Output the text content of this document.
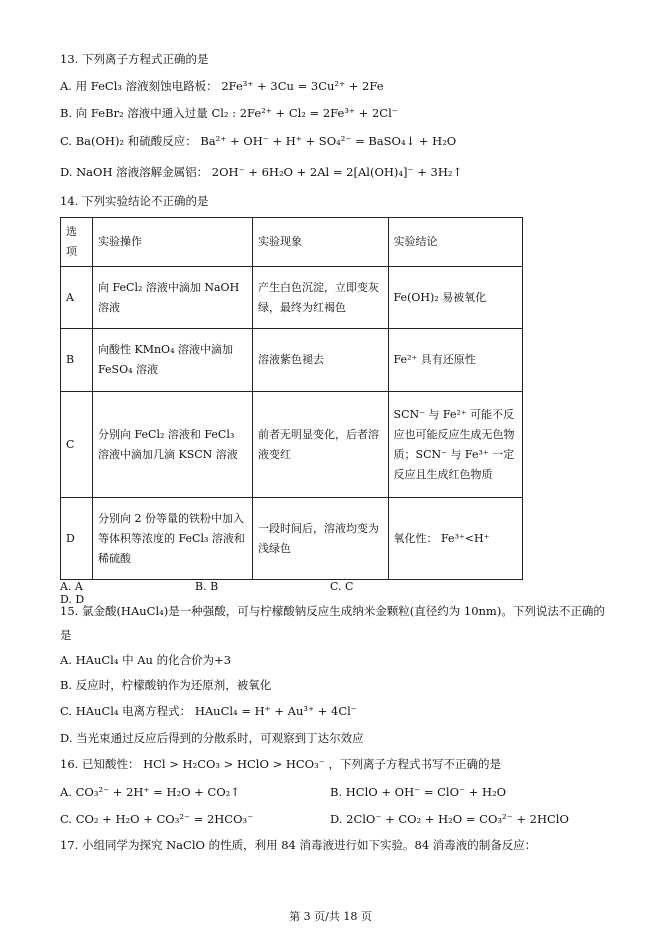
13. 下列离子方程式正确的是
A. 用 FeCl₃ 溶液刻蚀电路板： 2Fe³⁺ + 3Cu = 3Cu²⁺ + 2Fe
B. 向 FeBr₂ 溶液中通入过量 Cl₂ : 2Fe²⁺ + Cl₂ = 2Fe³⁺ + 2Cl⁻
C. Ba(OH)₂ 和硫酸反应： Ba²⁺ + OH⁻ + H⁺ + SO₄²⁻ = BaSO₄↓ + H₂O
D. NaOH 溶液溶解金属铝： 2OH⁻ + 6H₂O + 2Al = 2[Al(OH)₄]⁻ + 3H₂↑
14. 下列实验结论不正确的是
选项	实验操作	实验现象	实验结论
A	向 FeCl₂ 溶液中滴加 NaOH 溶液	产生白色沉淀，立即变灰绿，最终为红褐色	Fe(OH)₂ 易被氧化
B	向酸性 KMnO₄ 溶液中滴加 FeSO₄ 溶液	溶液紫色褪去	Fe²⁺ 具有还原性
C	分别向 FeCl₂ 溶液和 FeCl₃ 溶液中滴加几滴 KSCN 溶液	前者无明显变化，后者溶液变红	SCN⁻ 与 Fe²⁺ 可能不反应也可能反应生成无色物质；SCN⁻ 与 Fe³⁺ 一定反应且生成红色物质
D	分别向 2 份等量的铁粉中加入等体积等浓度的 FeCl₃ 溶液和稀硫酸	一段时间后，溶液均变为浅绿色	氧化性： Fe³⁺<H⁺
A. A	B. B	C. CD. D
15. 氯金酸(HAuCl₄)是一种强酸，可与柠檬酸钠反应生成纳米金颗粒(直径约为 10nm)。下列说法不正确的
是
A. HAuCl₄ 中 Au 的化合价为+3
B. 反应时，柠檬酸钠作为还原剂，被氧化
C. HAuCl₄ 电离方程式： HAuCl₄ = H⁺ + Au³⁺ + 4Cl⁻
D. 当光束通过反应后得到的分散系时，可观察到丁达尔效应
16. 已知酸性： HCl > H₂CO₃ > HClO > HCO₃⁻ ，下列离子方程式书写不正确的是
A. CO₃²⁻ + 2H⁺ = H₂O + CO₂↑	B. HClO + OH⁻ = ClO⁻ + H₂O
C. CO₂ + H₂O + CO₃²⁻ = 2HCO₃⁻	D. 2ClO⁻ + CO₂ + H₂O = CO₃²⁻ + 2HClO
17. 小组同学为探究 NaClO 的性质，利用 84 消毒液进行如下实验。84 消毒液的制备反应：
第 3 页/共 18 页
